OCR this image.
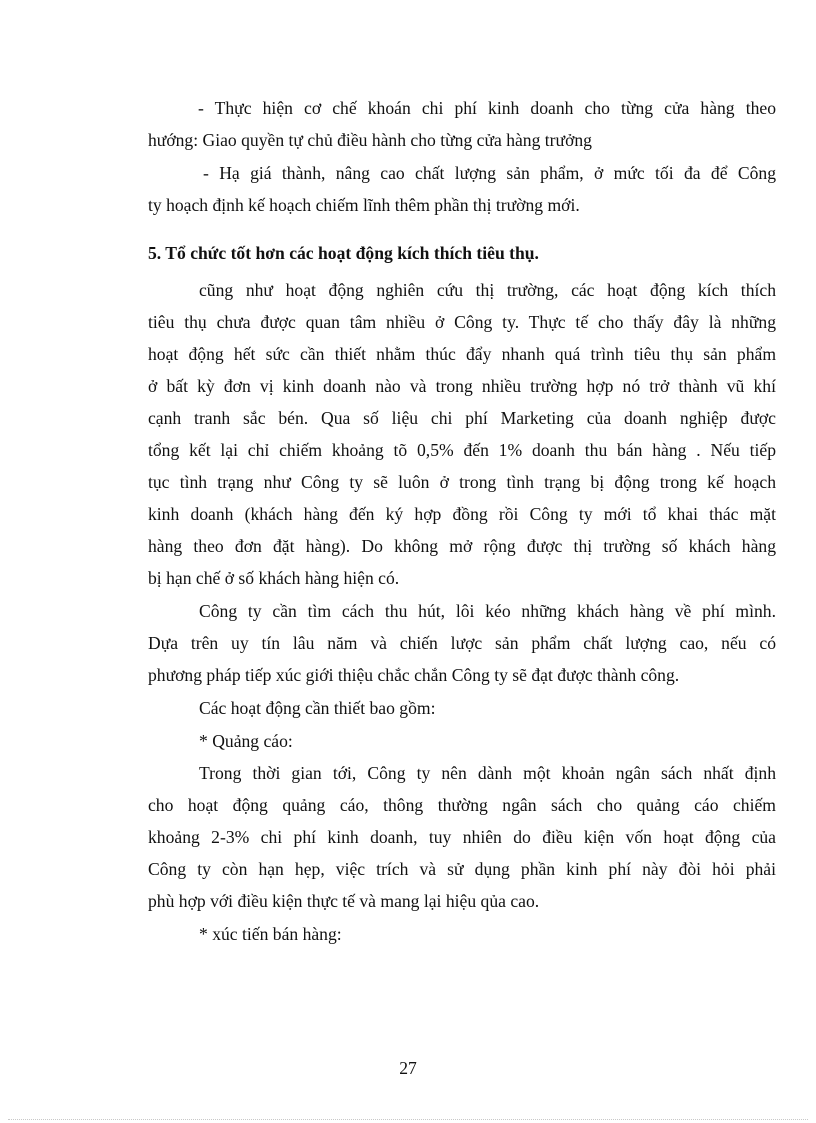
- Thực hiện cơ chế khoán chi phí kinh doanh cho từng cửa hàng theo
hướng: Giao quyền tự chủ điều hành cho từng cửa hàng trưởng
- Hạ giá thành, nâng cao chất lượng sản phẩm, ở mức tối đa để Công
ty hoạch định kế hoạch chiếm lĩnh thêm phần thị trường mới.
5. Tổ chức tốt hơn các hoạt động kích thích tiêu thụ.
cũng như hoạt động nghiên cứu thị trường, các hoạt động kích thích
tiêu thụ chưa được quan tâm nhiều ở Công ty. Thực tế cho thấy đây là những
hoạt động hết sức cần thiết nhằm thúc đẩy nhanh quá trình tiêu thụ sản phẩm
ở bất kỳ đơn vị kinh doanh nào và trong nhiều trường hợp nó trở thành vũ khí
cạnh tranh sắc bén. Qua số liệu chi phí Marketing của doanh nghiệp được
tổng kết lại chỉ chiếm khoảng tõ 0,5% đến 1% doanh thu bán hàng . Nếu tiếp
tục tình trạng như Công ty sẽ luôn ở trong tình trạng bị động trong kế hoạch
kinh doanh (khách hàng đến ký hợp đồng rồi Công ty mới tổ khai thác mặt
hàng theo đơn đặt hàng). Do không mở rộng được thị trường số khách hàng
bị hạn chế ở số khách hàng hiện có.
Công ty cần tìm cách thu hút, lôi kéo những khách hàng về phí mình.
Dựa trên uy tín lâu năm và chiến lược sản phẩm chất lượng cao, nếu có
phương pháp tiếp xúc giới thiệu chắc chắn Công ty sẽ đạt được thành công.
Các hoạt động cần thiết bao gồm:
* Quảng cáo:
Trong thời gian tới, Công ty nên dành một khoản ngân sách nhất định
cho hoạt động quảng cáo, thông thường ngân sách cho quảng cáo chiếm
khoảng 2-3% chi phí kinh doanh, tuy nhiên do điều kiện vốn hoạt động của
Công ty còn hạn hẹp, việc trích và sử dụng phần kinh phí này đòi hỏi phải
phù hợp với điều kiện thực tế và mang lại hiệu qủa cao.
* xúc tiến bán hàng:
27
